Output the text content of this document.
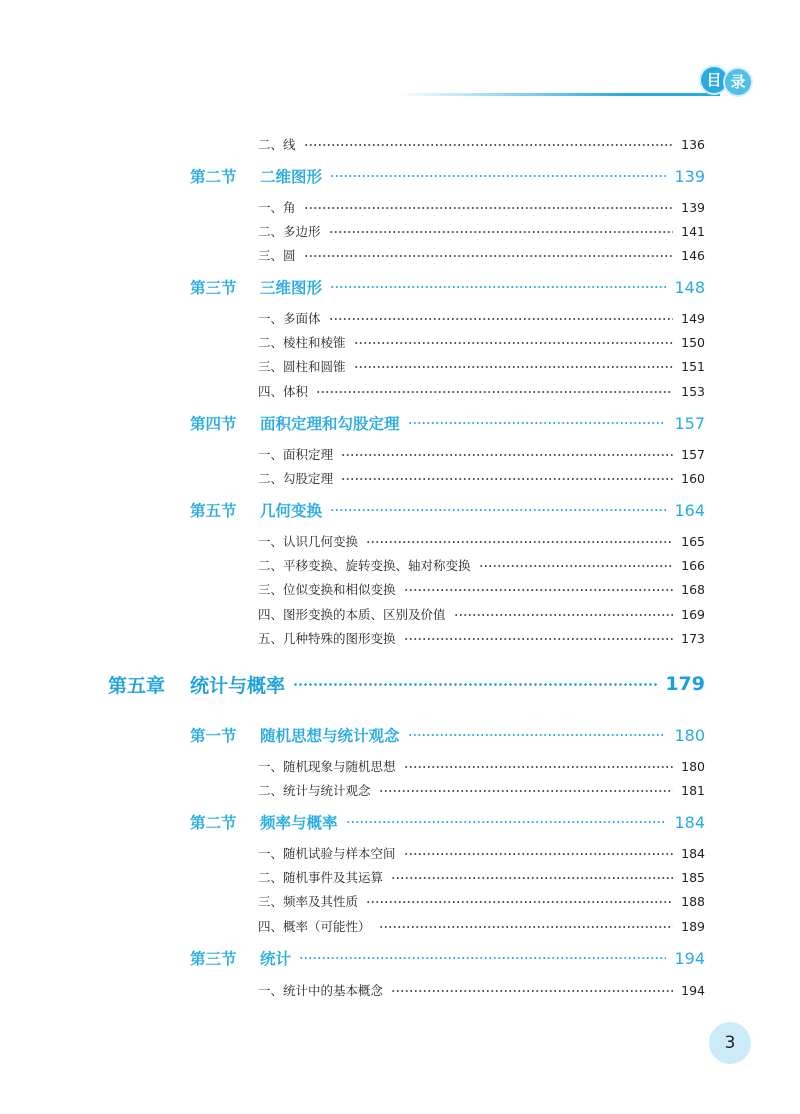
目 录
二、线	136
第二节	二维图形	139
一、角	139
二、多边形	141
三、圆	146
第三节	三维图形	148
一、多面体	149
二、棱柱和棱锥	150
三、圆柱和圆锥	151
四、体积	153
第四节	面积定理和勾股定理	157
一、面积定理	157
二、勾股定理	160
第五节	几何变换	164
一、认识几何变换	165
二、平移变换、旋转变换、轴对称变换	166
三、位似变换和相似变换	168
四、图形变换的本质、区别及价值	169
五、几种特殊的图形变换	173
第五章	统计与概率	179
第一节	随机思想与统计观念	180
一、随机现象与随机思想	180
二、统计与统计观念	181
第二节	频率与概率	184
一、随机试验与样本空间	184
二、随机事件及其运算	185
三、频率及其性质	188
四、概率（可能性）	189
第三节	统计	194
一、统计中的基本概念	194
3
